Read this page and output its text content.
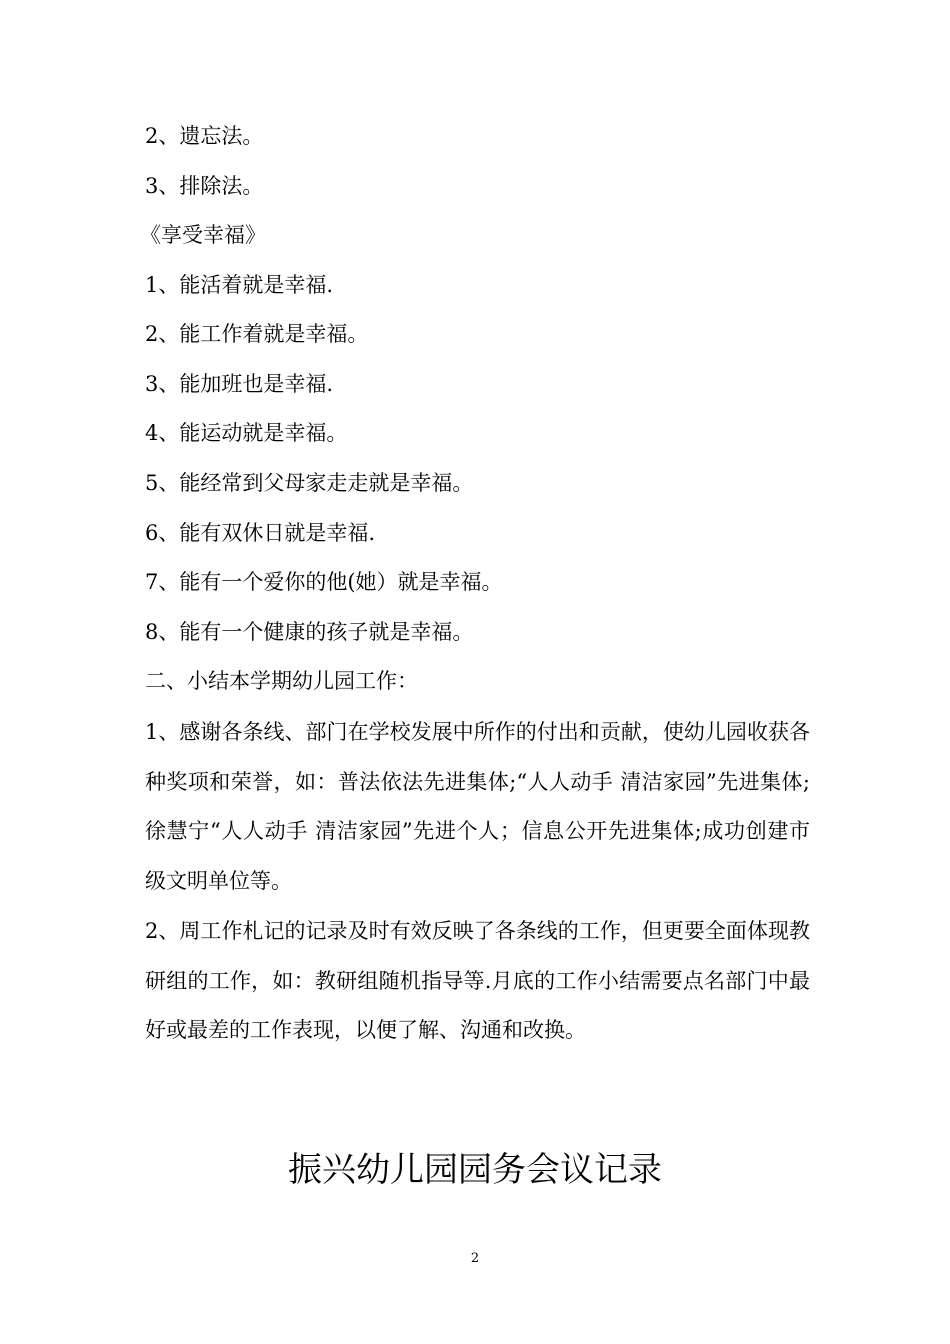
2、遗忘法。
3、排除法。
《享受幸福》
1、能活着就是幸福.
2、能工作着就是幸福。
3、能加班也是幸福.
4、能运动就是幸福。
5、能经常到父母家走走就是幸福。
6、能有双休日就是幸福.
7、能有一个爱你的他(她）就是幸福。
8、能有一个健康的孩子就是幸福。
二、小结本学期幼儿园工作：

1、感谢各条线、部门在学校发展中所作的付出和贡献，使幼儿园收获各种奖项和荣誉，如：普法依法先进集体;“人人动手 清洁家园”先进集体;徐慧宁“人人动手 清洁家园”先进个人；信息公开先进集体;成功创建市级文明单位等。

2、周工作札记的记录及时有效反映了各条线的工作，但更要全面体现教研组的工作，如：教研组随机指导等.月底的工作小结需要点名部门中最好或最差的工作表现，以便了解、沟通和改换。

振兴幼儿园园务会议记录
2
